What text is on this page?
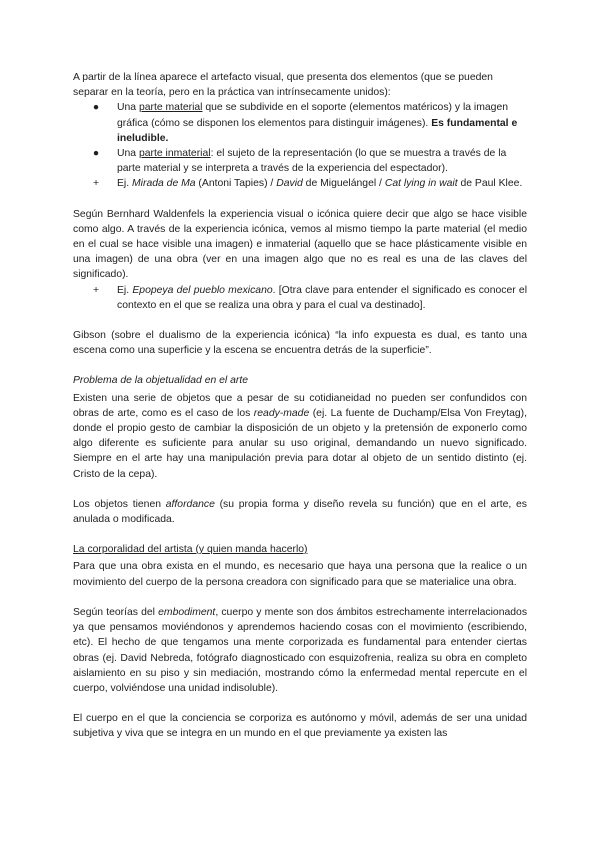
A partir de la línea aparece el artefacto visual, que presenta dos elementos (que se pueden separar en la teoría, pero en la práctica van intrínsecamente unidos):

●	Una parte material que se subdivide en el soporte (elementos matéricos) y la imagen gráfica (cómo se disponen los elementos para distinguir imágenes). Es fundamental e ineludible.
●	Una parte inmaterial: el sujeto de la representación (lo que se muestra a través de la parte material y se interpreta a través de la experiencia del espectador).
+	Ej. Mirada de Ma (Antoni Tapies) / David de Miguelángel / Cat lying in wait de Paul Klee.

Según Bernhard Waldenfels la experiencia visual o icónica quiere decir que algo se hace visible como algo. A través de la experiencia icónica, vemos al mismo tiempo la parte material (el medio en el cual se hace visible una imagen) e inmaterial (aquello que se hace plásticamente visible en una imagen) de una obra (ver en una imagen algo que no es real es una de las claves del significado).

+	Ej. Epopeya del pueblo mexicano. [Otra clave para entender el significado es conocer el contexto en el que se realiza una obra y para el cual va destinado].

Gibson (sobre el dualismo de la experiencia icónica) “la info expuesta es dual, es tanto una escena como una superficie y la escena se encuentra detrás de la superficie”.

Problema de la objetualidad en el arte

Existen una serie de objetos que a pesar de su cotidianeidad no pueden ser confundidos con obras de arte, como es el caso de los ready-made (ej. La fuente de Duchamp/Elsa Von Freytag), donde el propio gesto de cambiar la disposición de un objeto y la pretensión de exponerlo como algo diferente es suficiente para anular su uso original, demandando un nuevo significado. Siempre en el arte hay una manipulación previa para dotar al objeto de un sentido distinto (ej. Cristo de la cepa).

Los objetos tienen affordance (su propia forma y diseño revela su función) que en el arte, es anulada o modificada.

La corporalidad del artista (y quien manda hacerlo)

Para que una obra exista en el mundo, es necesario que haya una persona que la realice o un movimiento del cuerpo de la persona creadora con significado para que se materialice una obra.

Según teorías del embodiment, cuerpo y mente son dos ámbitos estrechamente interrelacionados ya que pensamos moviéndonos y aprendemos haciendo cosas con el movimiento (escribiendo, etc). El hecho de que tengamos una mente corporizada es fundamental para entender ciertas obras (ej. David Nebreda, fotógrafo diagnosticado con esquizofrenia, realiza su obra en completo aislamiento en su piso y sin mediación, mostrando cómo la enfermedad mental repercute en el cuerpo, volviéndose una unidad indisoluble).

El cuerpo en el que la conciencia se corporiza es autónomo y móvil, además de ser una unidad subjetiva y viva que se integra en un mundo en el que previamente ya existen las
